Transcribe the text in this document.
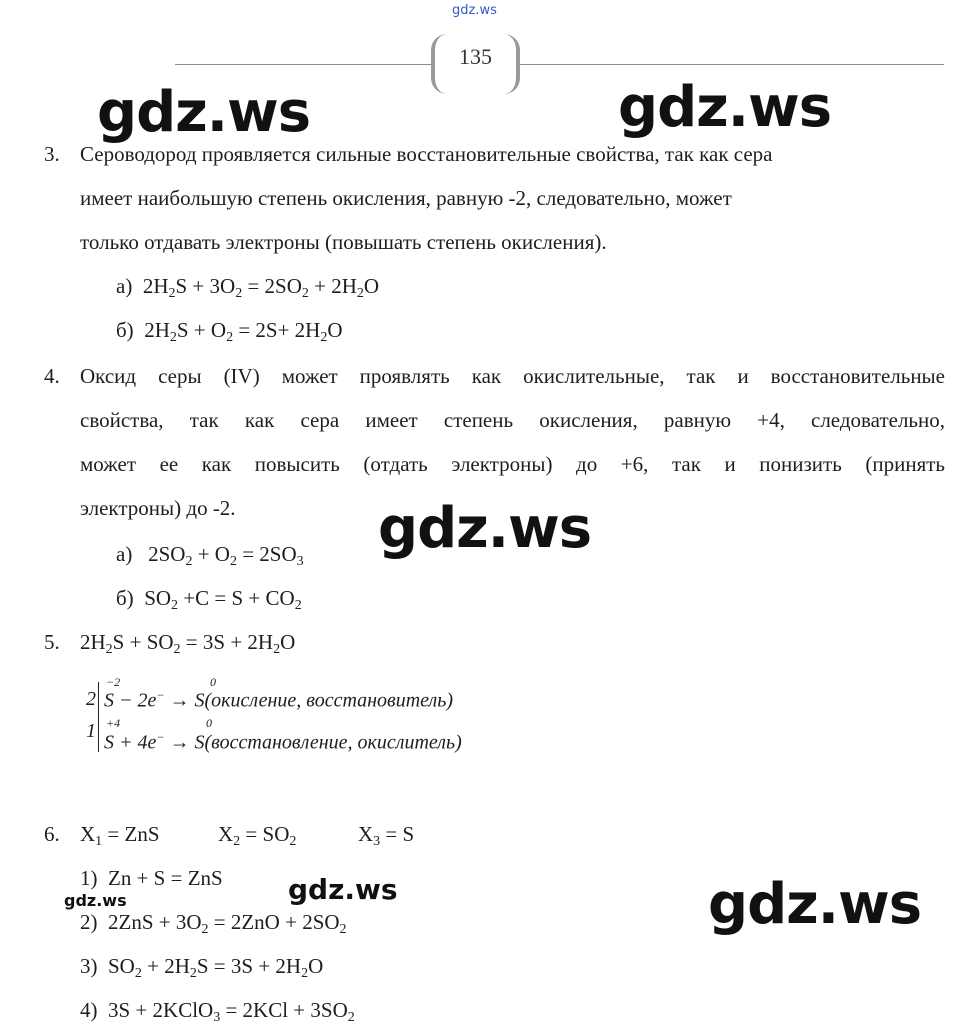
gdz.ws
135
gdz.ws	gdz.ws
3. Сероводород проявляется сильные восстановительные свойства, так как сера
имеет наибольшую степень окисления, равную -2, следовательно, может
только отдавать электроны (повышать степень окисления).
а)  $2H_2S + 3O_2 = 2SO_2 + 2H_2O$
б)  $2H_2S + O_2 = 2S+ 2H_2O$
4. Оксид серы (IV) может проявлять как окислительные, так и восстановительные
свойства, так как сера имеет степень окисления, равную +4, следовательно,
может ее как повысить (отдать электроны) до +6, так и понизить (принять
электроны) до -2.	gdz.ws
а)   $2SO_2 + O_2 = 2SO_3$
б)  $SO_2 +C = S + CO_2$
5. $2H_2S + SO_2 = 3S + 2H_2O$
2
1
−2
S − 2e− → S(окисление, восстановитель)
0
+4
S + 4e− → S(восстановление, окислитель)
0
6. $X_1$ = ZnS	$X_2 = SO_2$	$X_3 = S$
1)  Zn + S = ZnS gdz.ws
gdz.ws	gdz.ws
2)  $2ZnS + 3O_2 = 2ZnO + 2SO_2$
3)  $SO_2 + 2H_2S = 3S + 2H_2O$
4)  3S + 2KClO$_3$ = $2KCl + 3SO_2$
